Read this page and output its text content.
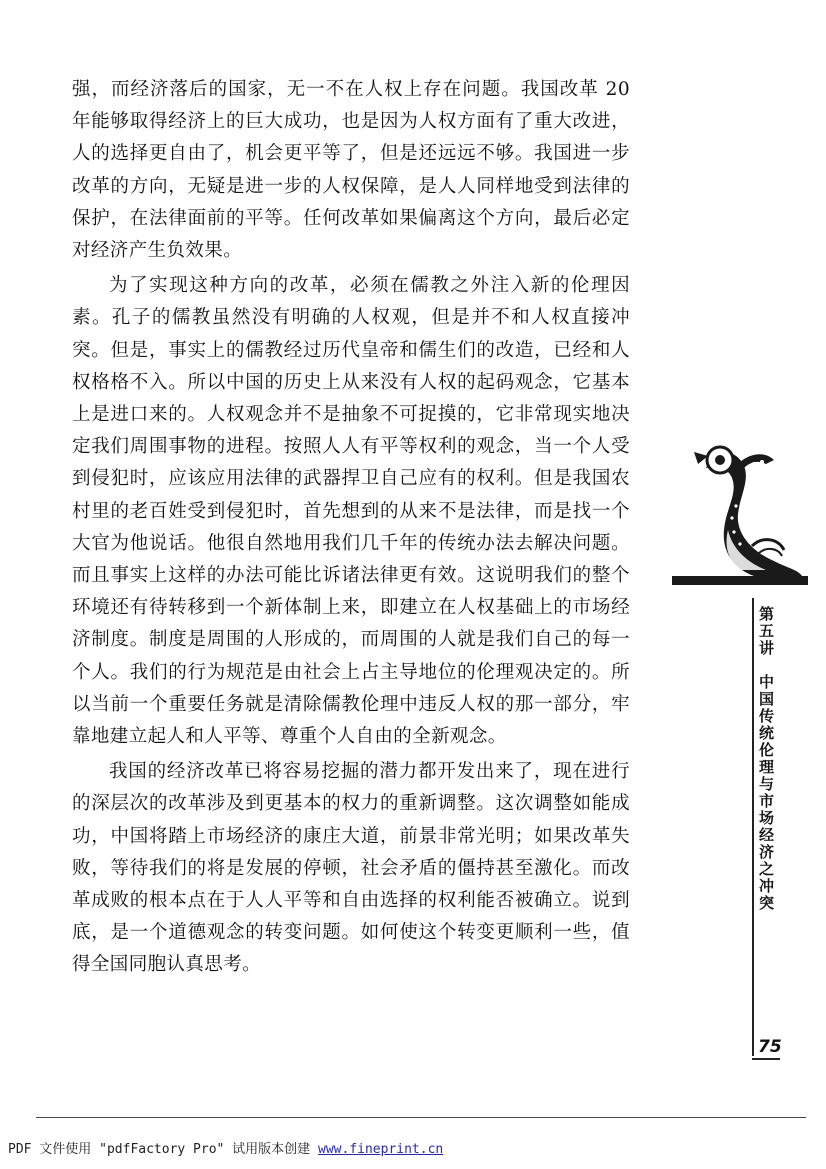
强，而经济落后的国家，无一不在人权上存在问题。我国改革 20 年能够取得经济上的巨大成功，也是因为人权方面有了重大改进，人的选择更自由了，机会更平等了，但是还远远不够。我国进一步改革的方向，无疑是进一步的人权保障，是人人同样地受到法律的保护，在法律面前的平等。任何改革如果偏离这个方向，最后必定对经济产生负效果。

为了实现这种方向的改革，必须在儒教之外注入新的伦理因素。孔子的儒教虽然没有明确的人权观，但是并不和人权直接冲突。但是，事实上的儒教经过历代皇帝和儒生们的改造，已经和人权格格不入。所以中国的历史上从来没有人权的起码观念，它基本上是进口来的。人权观念并不是抽象不可捉摸的，它非常现实地决定我们周围事物的进程。按照人人有平等权利的观念，当一个人受到侵犯时，应该应用法律的武器捍卫自己应有的权利。但是我国农村里的老百姓受到侵犯时，首先想到的从来不是法律，而是找一个大官为他说话。他很自然地用我们几千年的传统办法去解决问题。而且事实上这样的办法可能比诉诸法律更有效。这说明我们的整个环境还有待转移到一个新体制上来，即建立在人权基础上的市场经济制度。制度是周围的人形成的，而周围的人就是我们自己的每一个人。我们的行为规范是由社会上占主导地位的伦理观决定的。所以当前一个重要任务就是清除儒教伦理中违反人权的那一部分，牢靠地建立起人和人平等、尊重个人自由的全新观念。

我国的经济改革已将容易挖掘的潜力都开发出来了，现在进行的深层次的改革涉及到更基本的权力的重新调整。这次调整如能成功，中国将踏上市场经济的康庄大道，前景非常光明；如果改革失败，等待我们的将是发展的停顿，社会矛盾的僵持甚至激化。而改革成败的根本点在于人人平等和自由选择的权利能否被确立。说到底，是一个道德观念的转变问题。如何使这个转变更顺利一些，值得全国同胞认真思考。

第五讲
中国传统伦理与市场经济之冲突
75
PDF 文件使用 "pdfFactory Pro" 试用版本创建 www.fineprint.cn
